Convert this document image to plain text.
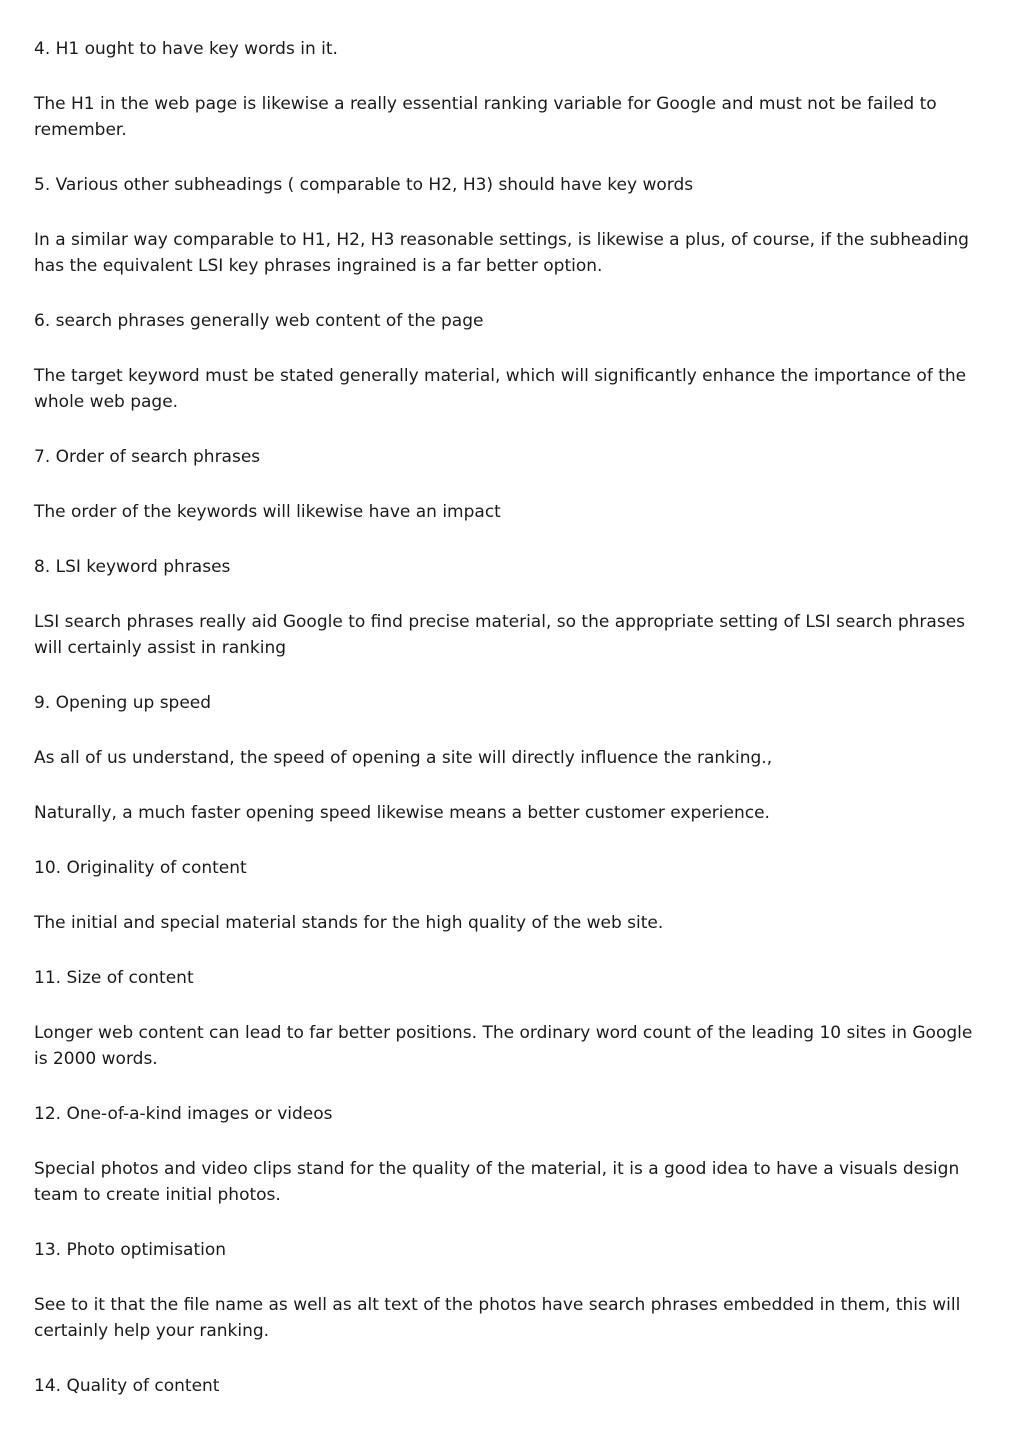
4. H1 ought to have key words in it.

The H1 in the web page is likewise a really essential ranking variable for Google and must not be failed to remember.

5. Various other subheadings ( comparable to H2, H3) should have key words

In a similar way comparable to H1, H2, H3 reasonable settings, is likewise a plus, of course, if the subheading has the equivalent LSI key phrases ingrained is a far better option.

6. search phrases generally web content of the page

The target keyword must be stated generally material, which will significantly enhance the importance of the whole web page.

7. Order of search phrases

The order of the keywords will likewise have an impact

8. LSI keyword phrases

LSI search phrases really aid Google to find precise material, so the appropriate setting of LSI search phrases will certainly assist in ranking

9. Opening up speed

As all of us understand, the speed of opening a site will directly influence the ranking.,

Naturally, a much faster opening speed likewise means a better customer experience.

10. Originality of content

The initial and special material stands for the high quality of the web site.

11. Size of content

Longer web content can lead to far better positions. The ordinary word count of the leading 10 sites in Google is 2000 words.

12. One-of-a-kind images or videos

Special photos and video clips stand for the quality of the material, it is a good idea to have a visuals design team to create initial photos.

13. Photo optimisation

See to it that the file name as well as alt text of the photos have search phrases embedded in them, this will certainly help your ranking.

14. Quality of content
